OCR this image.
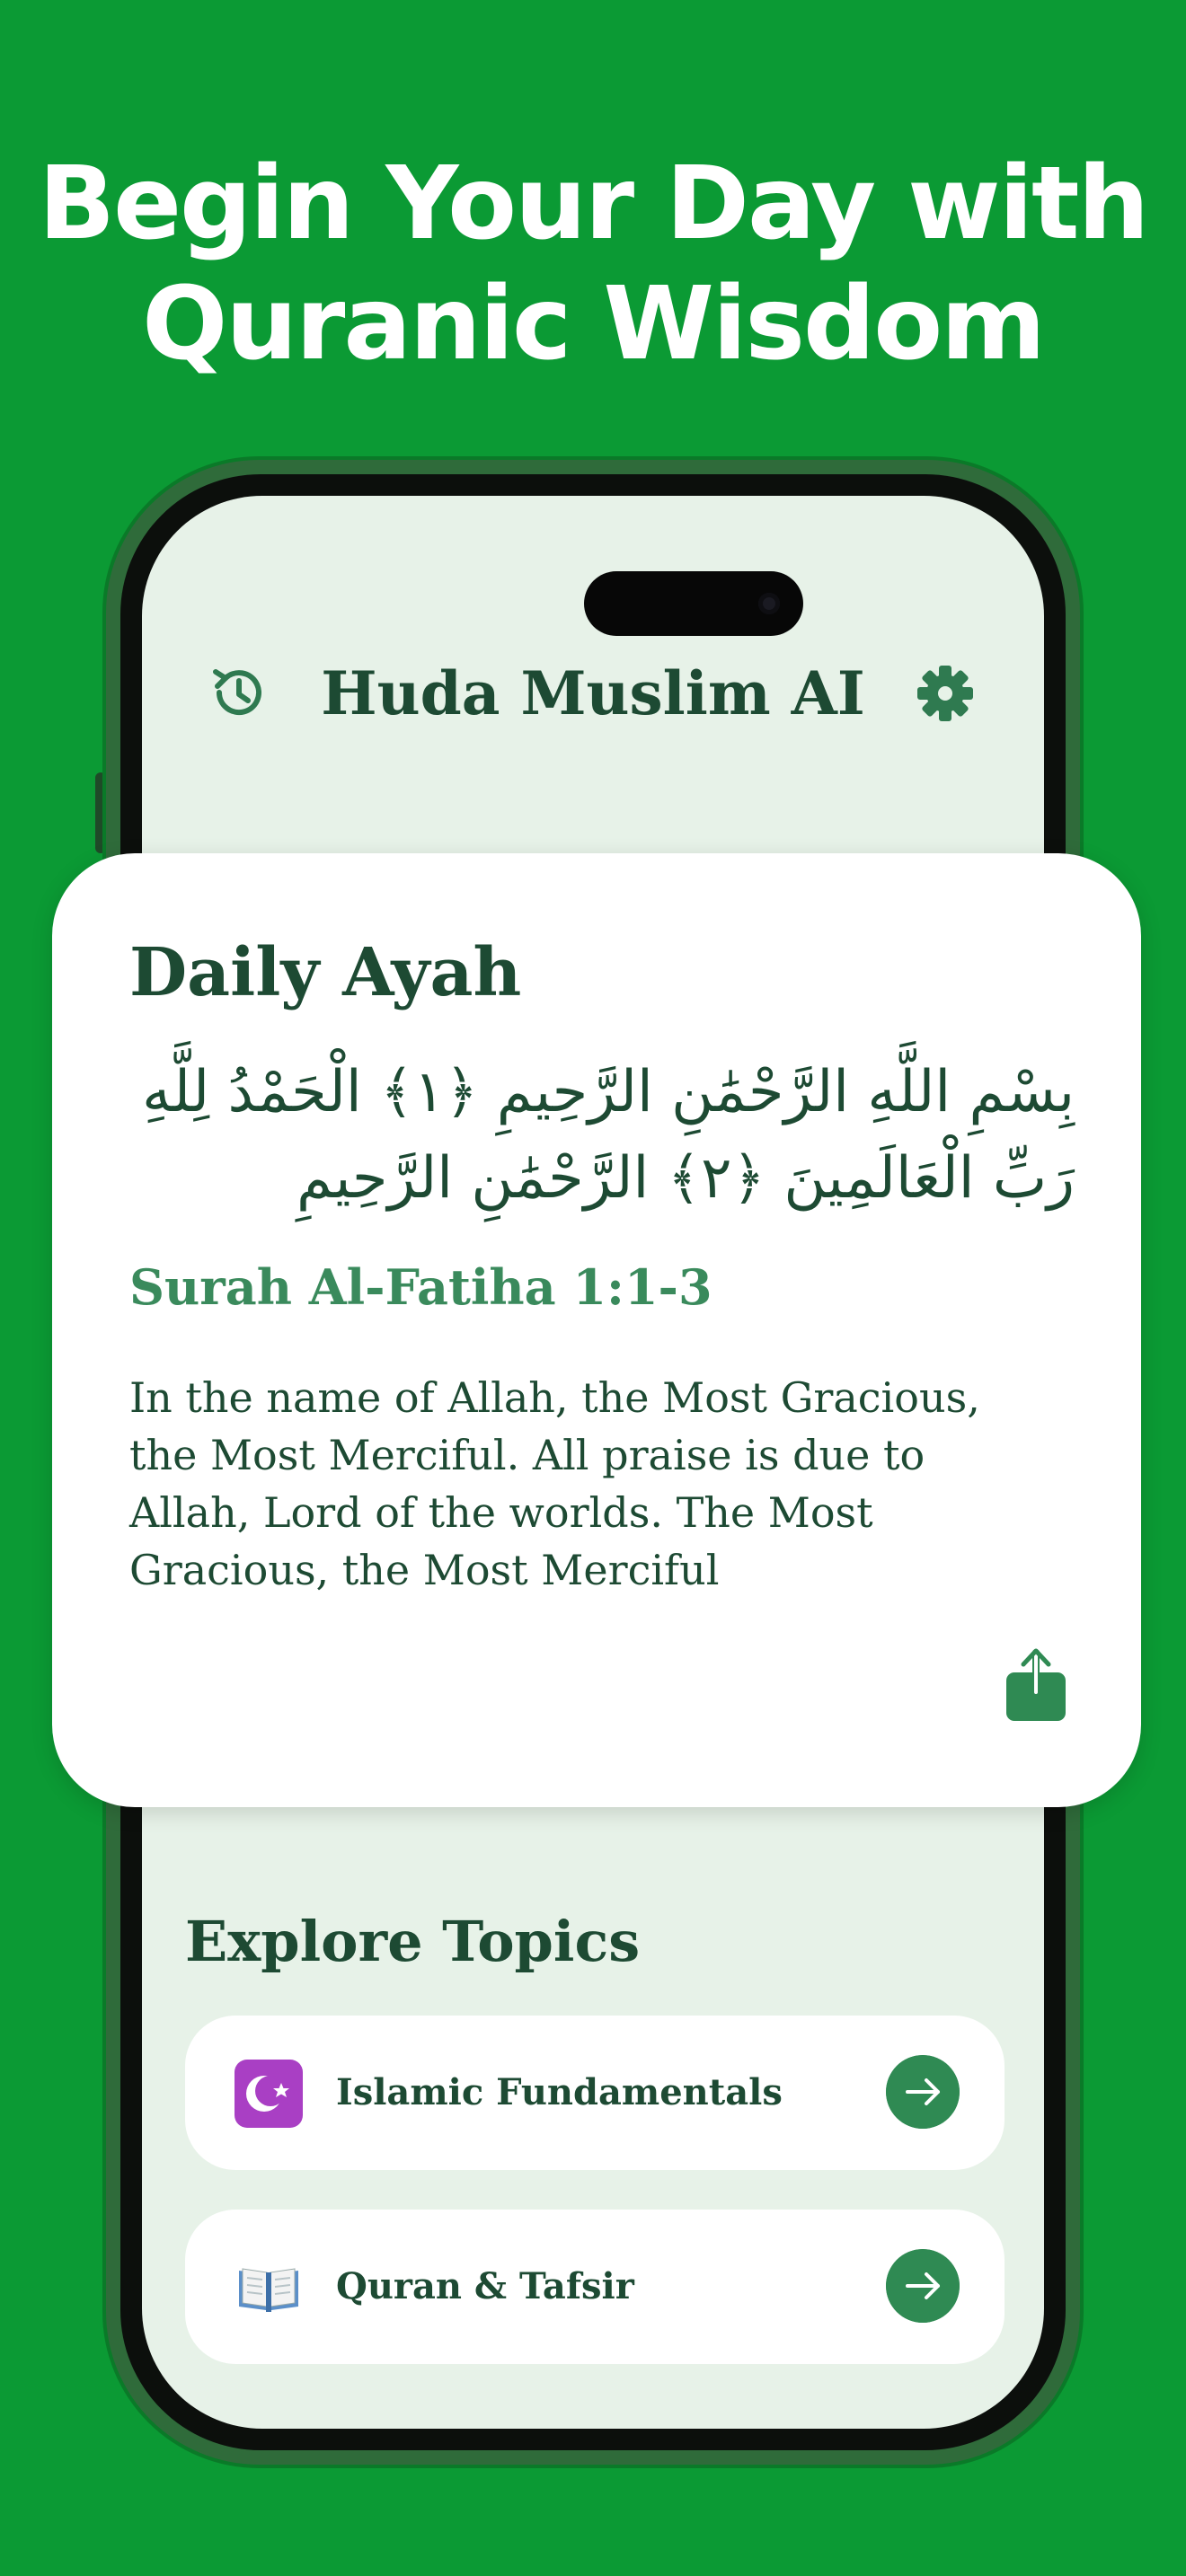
Begin Your Day with
Quranic Wisdom
Huda Muslim AI
Daily Ayah
بِسْمِ اللَّهِ الرَّحْمَٰنِ الرَّحِيمِ ﴿١﴾ الْحَمْدُ لِلَّهِ رَبِّ الْعَالَمِينَ ﴿٢﴾ الرَّحْمَٰنِ الرَّحِيمِ
Surah Al-Fatiha 1:1-3
In the name of Allah, the Most Gracious, the Most Merciful. All praise is due to Allah, Lord of the worlds. The Most Gracious, the Most Merciful
Explore Topics
Islamic Fundamentals
Quran & Tafsir
